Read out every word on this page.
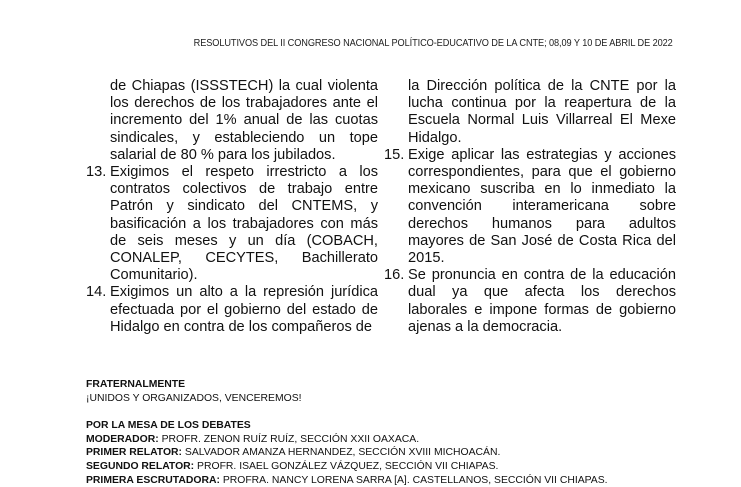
RESOLUTIVOS DEL II CONGRESO NACIONAL POLÍTICO-EDUCATIVO DE LA CNTE; 08,09 Y 10 DE ABRIL DE 2022

de Chiapas (ISSSTECH) la cual violenta los derechos de los trabajadores ante el incremento del 1% anual de las cuotas sindicales, y estableciendo un tope salarial de 80 % para los jubilados.

13. Exigimos el respeto irrestricto a los contratos colectivos de trabajo entre Patrón y sindicato del CNTEMS, y basificación a los trabajadores con más de seis meses y un día (COBACH, CONALEP, CECYTES, Bachillerato Comunitario).

14. Exigimos un alto a la represión jurídica efectuada por el gobierno del estado de Hidalgo en contra de los compañeros de

la Dirección política de la CNTE por la lucha continua por la reapertura de la Escuela Normal Luis Villarreal El Mexe Hidalgo.

15. Exige aplicar las estrategias y acciones correspondientes, para que el gobierno mexicano suscriba en lo inmediato la convención interamericana sobre derechos humanos para adultos mayores de San José de Costa Rica del 2015.

16. Se pronuncia en contra de la educación dual ya que afecta los derechos laborales e impone formas de gobierno ajenas a la democracia.

FRATERNALMENTE
¡UNIDOS Y ORGANIZADOS, VENCEREMOS!
POR LA MESA DE LOS DEBATES
MODERADOR: PROFR. ZENON RUÍZ RUÍZ, SECCIÓN XXII OAXACA.
PRIMER RELATOR: SALVADOR AMANZA HERNANDEZ, SECCIÓN XVIII MICHOACÁN.
SEGUNDO RELATOR: PROFR. ISAEL GONZÁLEZ VÁZQUEZ, SECCIÓN VII CHIAPAS.
PRIMERA ESCRUTADORA: PROFRA. NANCY LORENA SARRA [A]. CASTELLANOS, SECCIÓN VII CHIAPAS.
